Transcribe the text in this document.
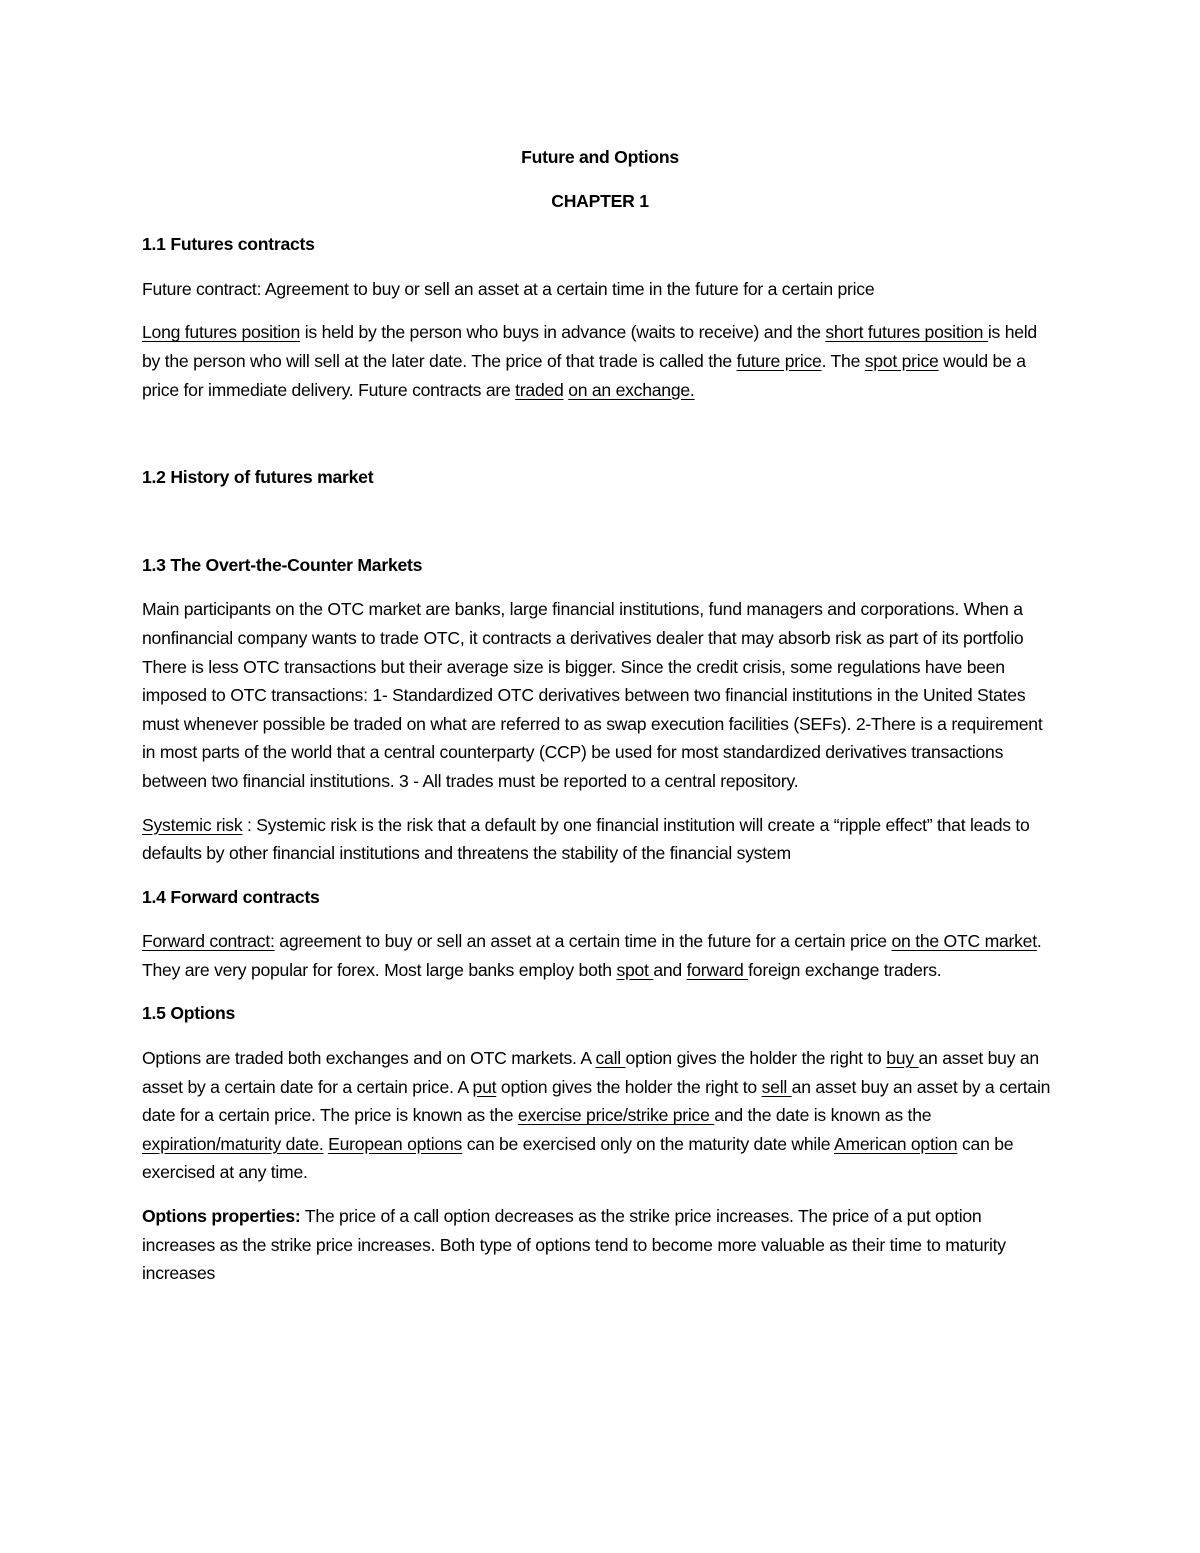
Future and Options
CHAPTER 1
1.1 Futures contracts

Future contract: Agreement to buy or sell an asset at a certain time in the future for a certain price

Long futures position is held by the person who buys in advance (waits to receive) and the short futures position is held by the person who will sell at the later date. The price of that trade is called the future price. The spot price would be a price for immediate delivery. Future contracts are traded on an exchange.

1.2 History of futures market
1.3 The Overt-the-Counter Markets

Main participants on the OTC market are banks, large financial institutions, fund managers and corporations. When a nonfinancial company wants to trade OTC, it contracts a derivatives dealer that may absorb risk as part of its portfolio There is less OTC transactions but their average size is bigger. Since the credit crisis, some regulations have been imposed to OTC transactions: 1- Standardized OTC derivatives between two financial institutions in the United States must whenever possible be traded on what are referred to as swap execution facilities (SEFs). 2-There is a requirement in most parts of the world that a central counterparty (CCP) be used for most standardized derivatives transactions between two financial institutions. 3 - All trades must be reported to a central repository.

Systemic risk : Systemic risk is the risk that a default by one financial institution will create a “ripple effect” that leads to defaults by other financial institutions and threatens the stability of the financial system

1.4 Forward contracts

Forward contract: agreement to buy or sell an asset at a certain time in the future for a certain price on the OTC market. They are very popular for forex. Most large banks employ both spot and forward foreign exchange traders.

1.5 Options

Options are traded both exchanges and on OTC markets. A call option gives the holder the right to buy an asset buy an asset by a certain date for a certain price. A put option gives the holder the right to sell an asset buy an asset by a certain date for a certain price. The price is known as the exercise price/strike price and the date is known as the expiration/maturity date. European options can be exercised only on the maturity date while American option can be exercised at any time.

Options properties: The price of a call option decreases as the strike price increases. The price of a put option increases as the strike price increases. Both type of options tend to become more valuable as their time to maturity increases
